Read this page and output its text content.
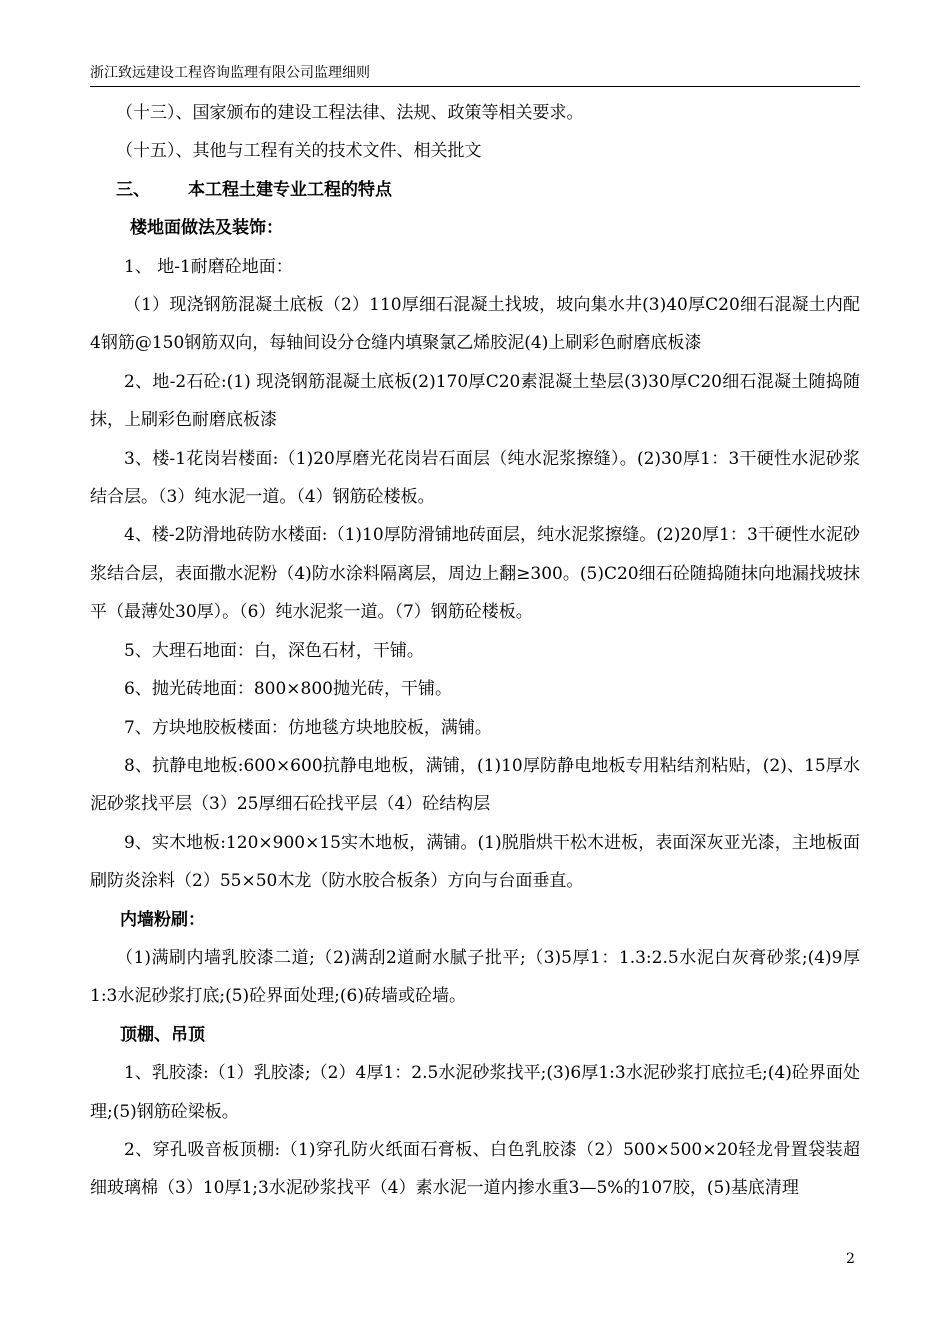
浙江致远建设工程咨询监理有限公司监理细则

（十三）、国家颁布的建设工程法律、法规、政策等相关要求。

（十五）、其他与工程有关的技术文件、相关批文

三、 本工程土建专业工程的特点

楼地面做法及装饰：

1、 地-1耐磨砼地面：

（1）现浇钢筋混凝土底板（2）110厚细石混凝土找坡，坡向集水井(3)40厚C20细石混凝土内配4钢筋@150钢筋双向，每轴间设分仓缝内填聚氯乙烯胶泥(4)上刷彩色耐磨底板漆

2、地-2石砼:(1) 现浇钢筋混凝土底板(2)170厚C20素混凝土垫层(3)30厚C20细石混凝土随捣随抹，上刷彩色耐磨底板漆

3、楼-1花岗岩楼面:（1)20厚磨光花岗岩石面层（纯水泥浆擦缝）。(2)30厚1：3干硬性水泥砂浆结合层。（3）纯水泥一道。（4）钢筋砼楼板。

4、楼-2防滑地砖防水楼面:（1)10厚防滑铺地砖面层，纯水泥浆擦缝。(2)20厚1：3干硬性水泥砂浆结合层，表面撒水泥粉（4)防水涂料隔离层，周边上翻≥300。(5)C20细石砼随捣随抹向地漏找坡抹平（最薄处30厚）。（6）纯水泥浆一道。（7）钢筋砼楼板。

5、大理石地面：白，深色石材，干铺。

6、抛光砖地面：800×800抛光砖，干铺。

7、方块地胶板楼面：仿地毯方块地胶板，满铺。

8、抗静电地板:600×600抗静电地板，满铺，(1)10厚防静电地板专用粘结剂粘贴，(2)、15厚水泥砂浆找平层（3）25厚细石砼找平层（4）砼结构层

9、实木地板:120×900×15实木地板，满铺。(1)脱脂烘干松木进板，表面深灰亚光漆，主地板面刷防炎涂料（2）55×50木龙（防水胶合板条）方向与台面垂直。

内墙粉刷：

（1)满刷内墙乳胶漆二道;（2)满刮2道耐水腻子批平;（3)5厚1：1.3:2.5水泥白灰膏砂浆;(4)9厚1:3水泥砂浆打底;(5)砼界面处理;(6)砖墙或砼墙。

顶棚、吊顶

1、乳胶漆:（1）乳胶漆;（2）4厚1：2.5水泥砂浆找平;(3)6厚1:3水泥砂浆打底拉毛;(4)砼界面处理;(5)钢筋砼梁板。

2、穿孔吸音板顶棚:（1)穿孔防火纸面石膏板、白色乳胶漆（2）500×500×20轻龙骨置袋装超细玻璃棉（3）10厚1;3水泥砂浆找平（4）素水泥一道内掺水重3—5%的107胶，(5)基底清理

2
